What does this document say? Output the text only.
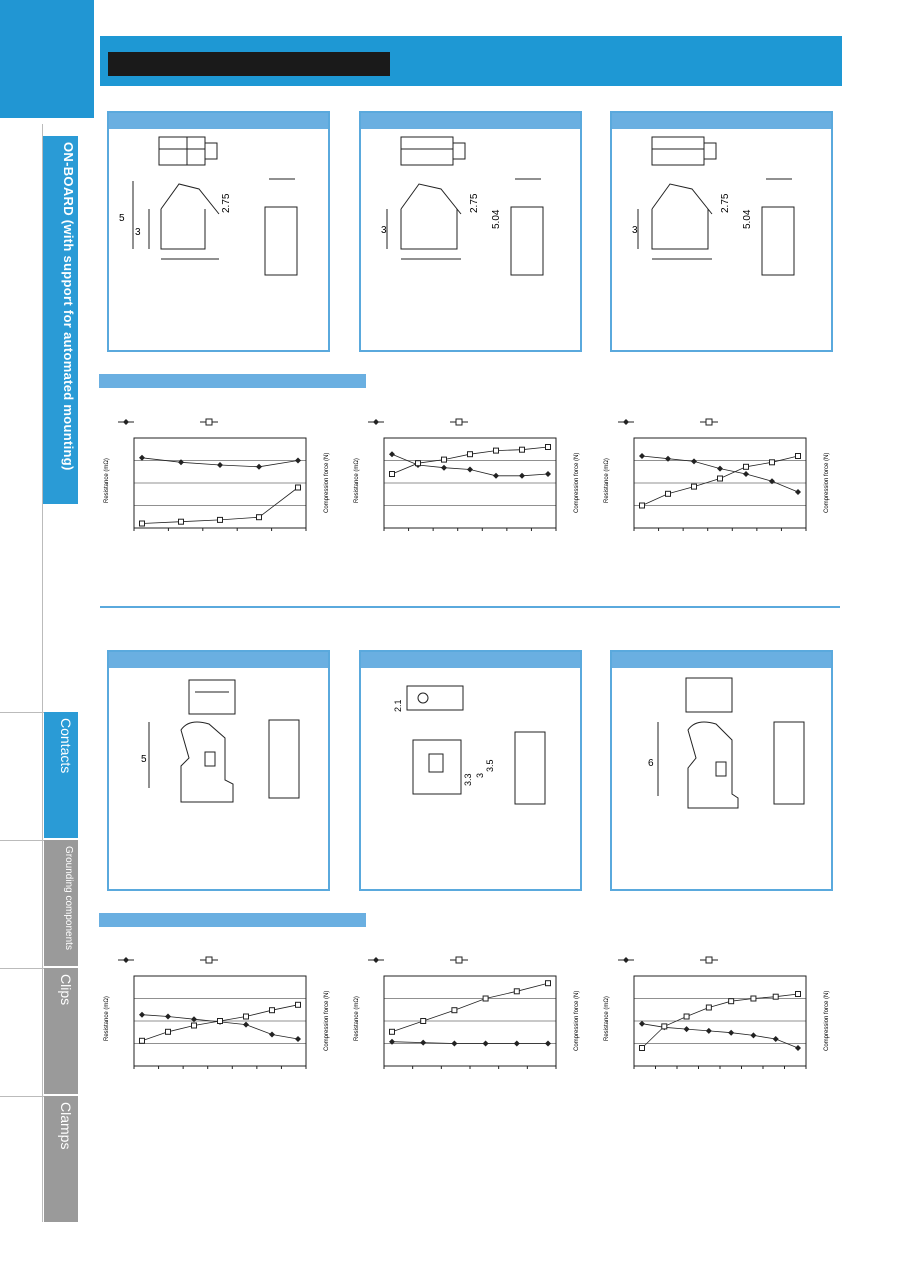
ON-BOARD (with support for automated mounting)
Contacts
Grounding components
Clips
Clamps
5
3
2.75
3
2.75
5.04
3
2.75
5.04
Resistance (mΩ)	Compression force (N)	Resistance (mΩ)	Compression force (N)	Resistance (mΩ)	Compression force (N)
5
2.1
3.3 3
3.5	6
Resistance (mΩ)	Compression force (N)	Resistance (mΩ)	Compression force (N)	Resistance (mΩ)	Compression force (N)
